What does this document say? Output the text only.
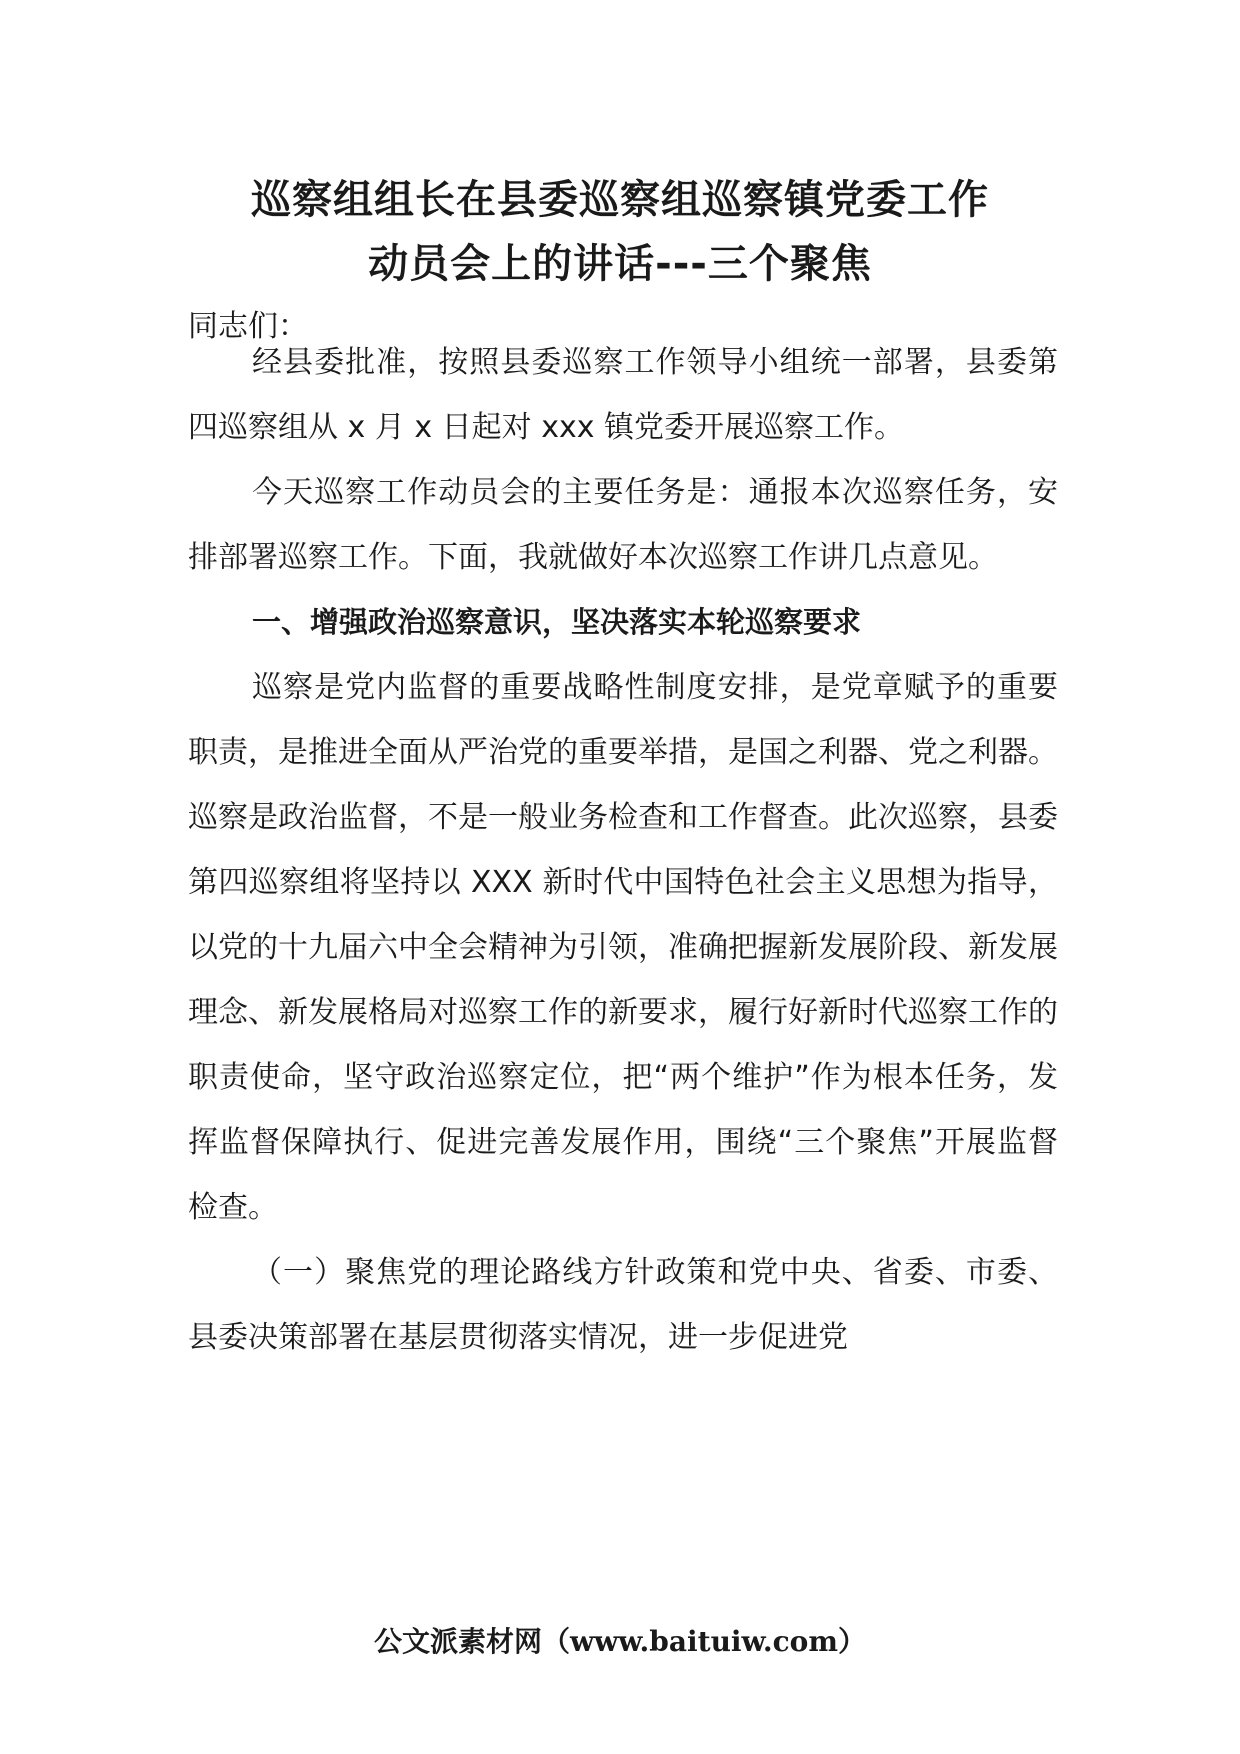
巡察组组长在县委巡察组巡察镇党委工作
动员会上的讲话---三个聚焦

同志们：

经县委批准，按照县委巡察工作领导小组统一部署，县委第四巡察组从 x 月 x 日起对 xxx 镇党委开展巡察工作。

今天巡察工作动员会的主要任务是：通报本次巡察任务，安排部署巡察工作。下面，我就做好本次巡察工作讲几点意见。

一、增强政治巡察意识，坚决落实本轮巡察要求

巡察是党内监督的重要战略性制度安排，是党章赋予的重要职责，是推进全面从严治党的重要举措，是国之利器、党之利器。巡察是政治监督，不是一般业务检查和工作督查。此次巡察，县委第四巡察组将坚持以 XXX 新时代中国特色社会主义思想为指导，以党的十九届六中全会精神为引领，准确把握新发展阶段、新发展理念、新发展格局对巡察工作的新要求，履行好新时代巡察工作的职责使命，坚守政治巡察定位，把“两个维护”作为根本任务，发挥监督保障执行、促进完善发展作用，围绕“三个聚焦”开展监督检查。

（一）聚焦党的理论路线方针政策和党中央、省委、市委、县委决策部署在基层贯彻落实情况，进一步促进党

公文派素材网（www.baituiw.com）
